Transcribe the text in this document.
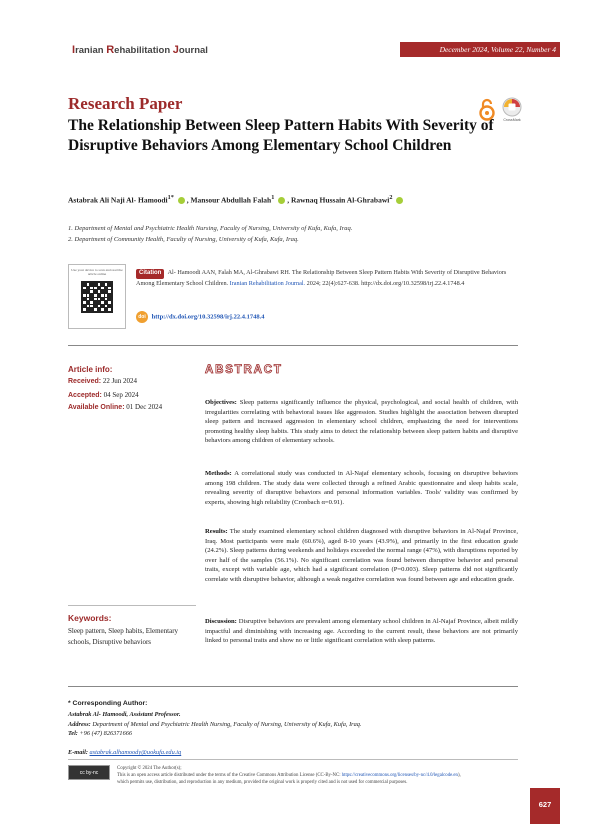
Iranian Rehabilitation Journal	December 2024, Volume 22, Number 4
Research Paper
The Relationship Between Sleep Pattern Habits With Severity of Disruptive Behaviors Among Elementary School Children
CrossMark
Astabrak Ali Naji Al- Hamoodi$^{1*}$ , Mansour Abdullah Falah$^1$ , Rawnaq Hussain Al-Ghrabawi$^2$
1. Department of Mental and Psychiatric Health Nursing, Faculty of Nursing, University of Kufa, Kufa, Iraq.
2. Department of Community Health, Faculty of Nursing, University of Kufa, Kufa, Iraq.
Use your device to scan and read the article online	Citation Al- Hamoodi AAN, Falah MA, Al-Ghrabawi RH. The Relationship Between Sleep Pattern Habits With Severity of Disruptive Behaviors Among Elementary School Children. Iranian Rehabilitation Journal. 2024; 22(4):627-638. http://dx.doi.org/10.32598/irj.22.4.1748.4
doi http://dx.doi.org/10.32598/irj.22.4.1748.4
Article info:
Received: 22 Jun 2024
Accepted: 04 Sep 2024
Available Online: 01 Dec 2024
Keywords:
Sleep pattern, Sleep habits, Elementary schools, Disruptive behaviors
ABSTRACT
Objectives: Sleep patterns significantly influence the physical, psychological, and social health of children, with irregularities correlating with behavioral issues like aggression. Studies highlight the association between disrupted sleep pattern and increased aggression in elementary school children, emphasizing the need for interventions promoting healthy sleep habits. This study aims to detect the relationship between sleep pattern habits and disruptive behaviors among children of elementary schools.
Methods: A correlational study was conducted in Al-Najaf elementary schools, focusing on disruptive behaviors among 198 children. The study data were collected through a refined Arabic questionnaire and sleep habits scale, revealing severity of disruptive behaviors and personal information variables. Tools' validity was confirmed by experts, showing high reliability (Cronbach α=0.91).
Results: The study examined elementary school children diagnosed with disruptive behaviors in Al-Najaf Province, Iraq. Most participants were male (60.6%), aged 8-10 years (43.9%), and primarily in the first education grade (24.2%). Sleep patterns during weekends and holidays exceeded the normal range (47%), with disruptions reported by over half of the samples (56.1%). No significant correlation was found between disruptive behavior and personal traits, except with variable age, which had a significant correlation (P=0.003). Sleep patterns did not significantly correlate with disruptive behavior, although a weak negative correlation was found between age and education grade.
Discussion: Disruptive behaviors are prevalent among elementary school children in Al-Najaf Province, albeit mildly impactful and diminishing with increasing age. According to the current result, these behaviors are not primarily linked to personal traits and show no or little significant correlation with sleep patterns.
* Corresponding Author:
Astabrak Al- Hamoodi, Assistant Professor.
Address: Department of Mental and Psychiatric Health Nursing, Faculty of Nursing, University of Kufa, Kufa, Iraq.
Tel: +96 (47) 826371666
E-mail: astabrak.alhamoody@uokufa.edu.iq
cc by-nc
Copyright © 2024 The Author(s);
This is an open access article distributed under the terms of the Creative Commons Attribution License (CC-By-NC: https://creativecommons.org/licenses/by-nc/4.0/legalcode.en),
which permits use, distribution, and reproduction in any medium, provided the original work is properly cited and is not used for commercial purposes.
627
